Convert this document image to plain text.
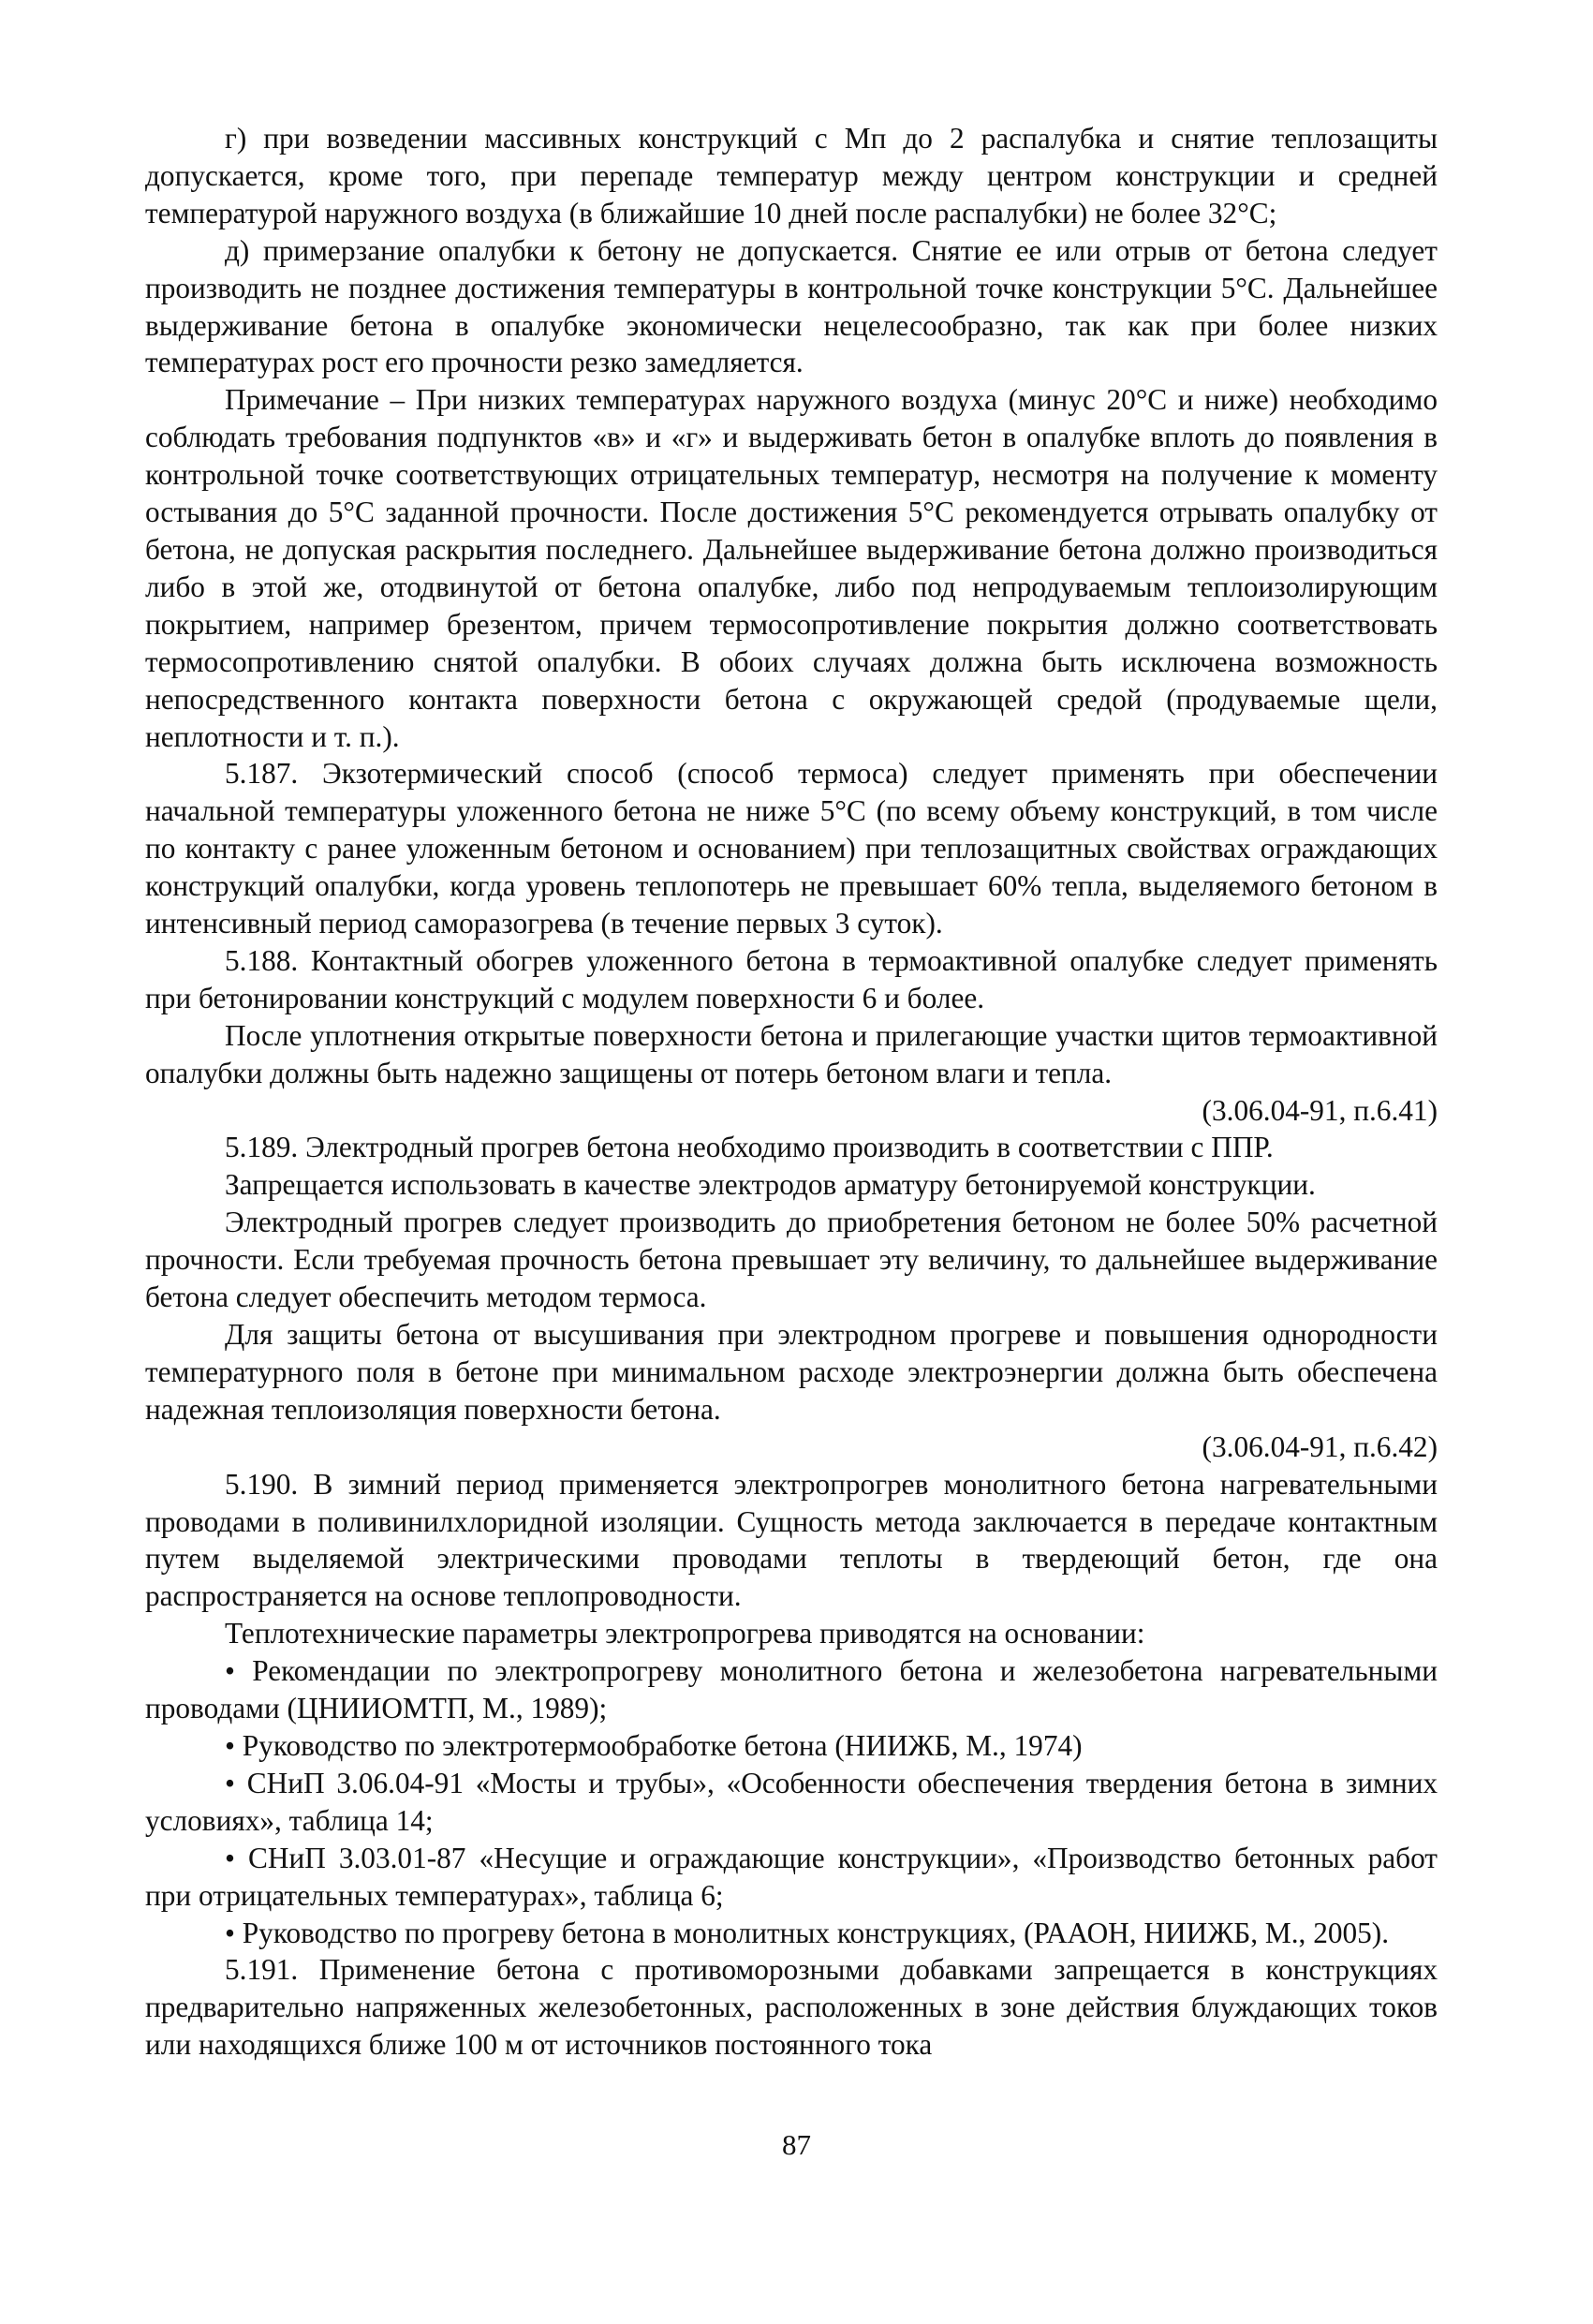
г) при возведении массивных конструкций с Мп до 2 распалубка и снятие теплозащиты допускается, кроме того, при перепаде температур между центром конструкции и средней температурой наружного воздуха (в ближайшие 10 дней после распалубки) не более 32°С;

д) примерзание опалубки к бетону не допускается. Снятие ее или отрыв от бетона следует производить не позднее достижения температуры в контрольной точке конструкции 5°С. Дальнейшее выдерживание бетона в опалубке экономически нецелесообразно, так как при более низких температурах рост его прочности резко замедляется.

Примечание – При низких температурах наружного воздуха (минус 20°С и ниже) необходимо соблюдать требования подпунктов «в» и «г» и выдерживать бетон в опалубке вплоть до появления в контрольной точке соответствующих отрицательных температур, несмотря на получение к моменту остывания до 5°С заданной прочности. После достижения 5°С рекомендуется отрывать опалубку от бетона, не допуская раскрытия последнего. Дальнейшее выдерживание бетона должно производиться либо в этой же, отодвинутой от бетона опалубке, либо под непродуваемым теплоизолирующим покрытием, например брезентом, причем термосопротивление покрытия должно соответствовать термосопротивлению снятой опалубки. В обоих случаях должна быть исключена возможность непосредственного контакта поверхности бетона с окружающей средой (продуваемые щели, неплотности и т. п.).

5.187. Экзотермический способ (способ термоса) следует применять при обеспечении начальной температуры уложенного бетона не ниже 5°С (по всему объему конструкций, в том числе по контакту с ранее уложенным бетоном и основанием) при теплозащитных свойствах ограждающих конструкций опалубки, когда уровень теплопотерь не превышает 60% тепла, выделяемого бетоном в интенсивный период саморазогрева (в течение первых 3 суток).

5.188. Контактный обогрев уложенного бетона в термоактивной опалубке следует применять при бетонировании конструкций с модулем поверхности 6 и более.

После уплотнения открытые поверхности бетона и прилегающие участки щитов термоактивной опалубки должны быть надежно защищены от потерь бетоном влаги и тепла.

(3.06.04-91, п.6.41)

5.189. Электродный прогрев бетона необходимо производить в соответствии с ППР.

Запрещается использовать в качестве электродов арматуру бетонируемой конструкции.

Электродный прогрев следует производить до приобретения бетоном не более 50% расчетной прочности. Если требуемая прочность бетона превышает эту величину, то дальнейшее выдерживание бетона следует обеспечить методом термоса.

Для защиты бетона от высушивания при электродном прогреве и повышения однородности температурного поля в бетоне при минимальном расходе электроэнергии должна быть обеспечена надежная теплоизоляция поверхности бетона.

(3.06.04-91, п.6.42)

5.190. В зимний период применяется электропрогрев монолитного бетона нагревательными проводами в поливинилхлоридной изоляции. Сущность метода заключается в передаче контактным путем выделяемой электрическими проводами теплоты в твердеющий бетон, где она распространяется на основе теплопроводности.

Теплотехнические параметры электропрогрева приводятся на основании:

• Рекомендации по электропрогреву монолитного бетона и железобетона нагревательными проводами (ЦНИИОМТП, М., 1989);

• Руководство по электротермообработке бетона (НИИЖБ, М., 1974)

• СНиП 3.06.04-91 «Мосты и трубы», «Особенности обеспечения твердения бетона в зимних условиях», таблица 14;

• СНиП 3.03.01-87 «Несущие и ограждающие конструкции», «Производство бетонных работ при отрицательных температурах», таблица 6;

• Руководство по прогреву бетона в монолитных конструкциях, (РААОН, НИИЖБ, М., 2005).

5.191. Применение бетона с противоморозными добавками запрещается в конструкциях предварительно напряженных железобетонных, расположенных в зоне действия блуждающих токов или находящихся ближе 100 м от источников постоянного тока

87
